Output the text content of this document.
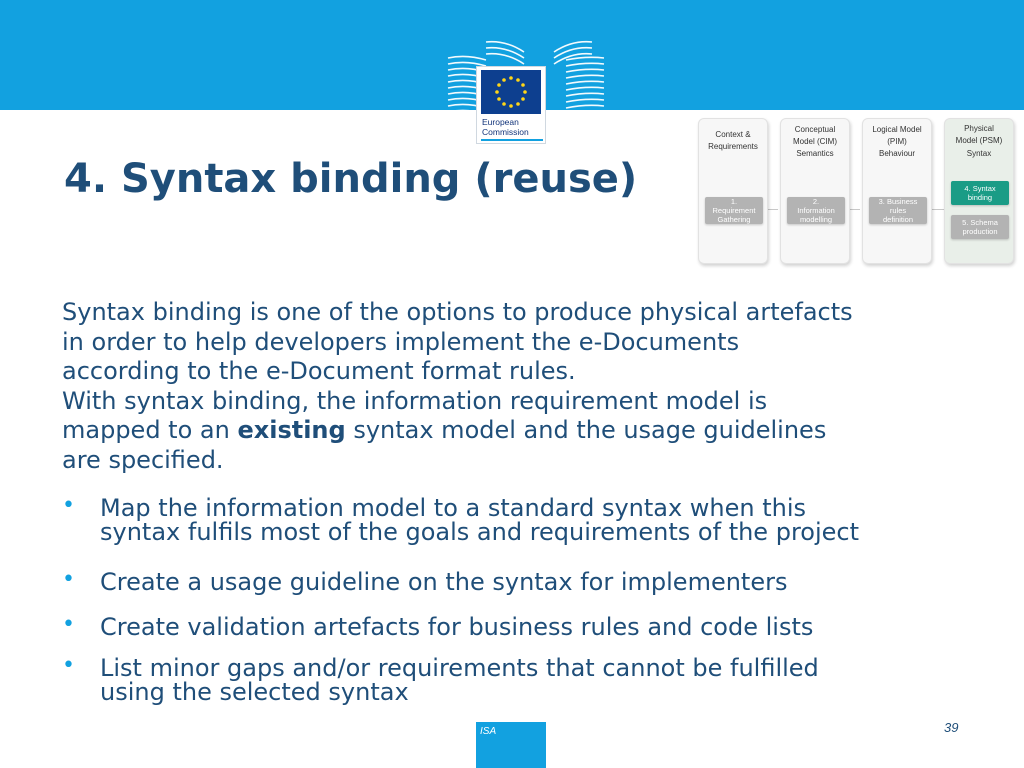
European
Commission
4. Syntax binding (reuse)
Context &
Requirements
1.
Requirement
Gathering
Conceptual
Model (CIM)
Semantics
2.
Information
modelling
Logical Model
(PIM)
Behaviour
3. Business
rules
definition
Physical
Model (PSM)
Syntax
4. Syntax
binding
5. Schema
production
Syntax binding is one of the options to produce physical artefacts
in order to help developers implement the e-Documents
according to the e-Document format rules.
With syntax binding, the information requirement model is
mapped to an existing syntax model and the usage guidelines
are specified.
• Map the information model to a standard syntax when this
syntax fulfils most of the goals and requirements of the project
• Create a usage guideline on the syntax for implementers
• Create validation artefacts for business rules and code lists
• List minor gaps and/or requirements that cannot be fulfilled
using the selected syntax
ISA	39
